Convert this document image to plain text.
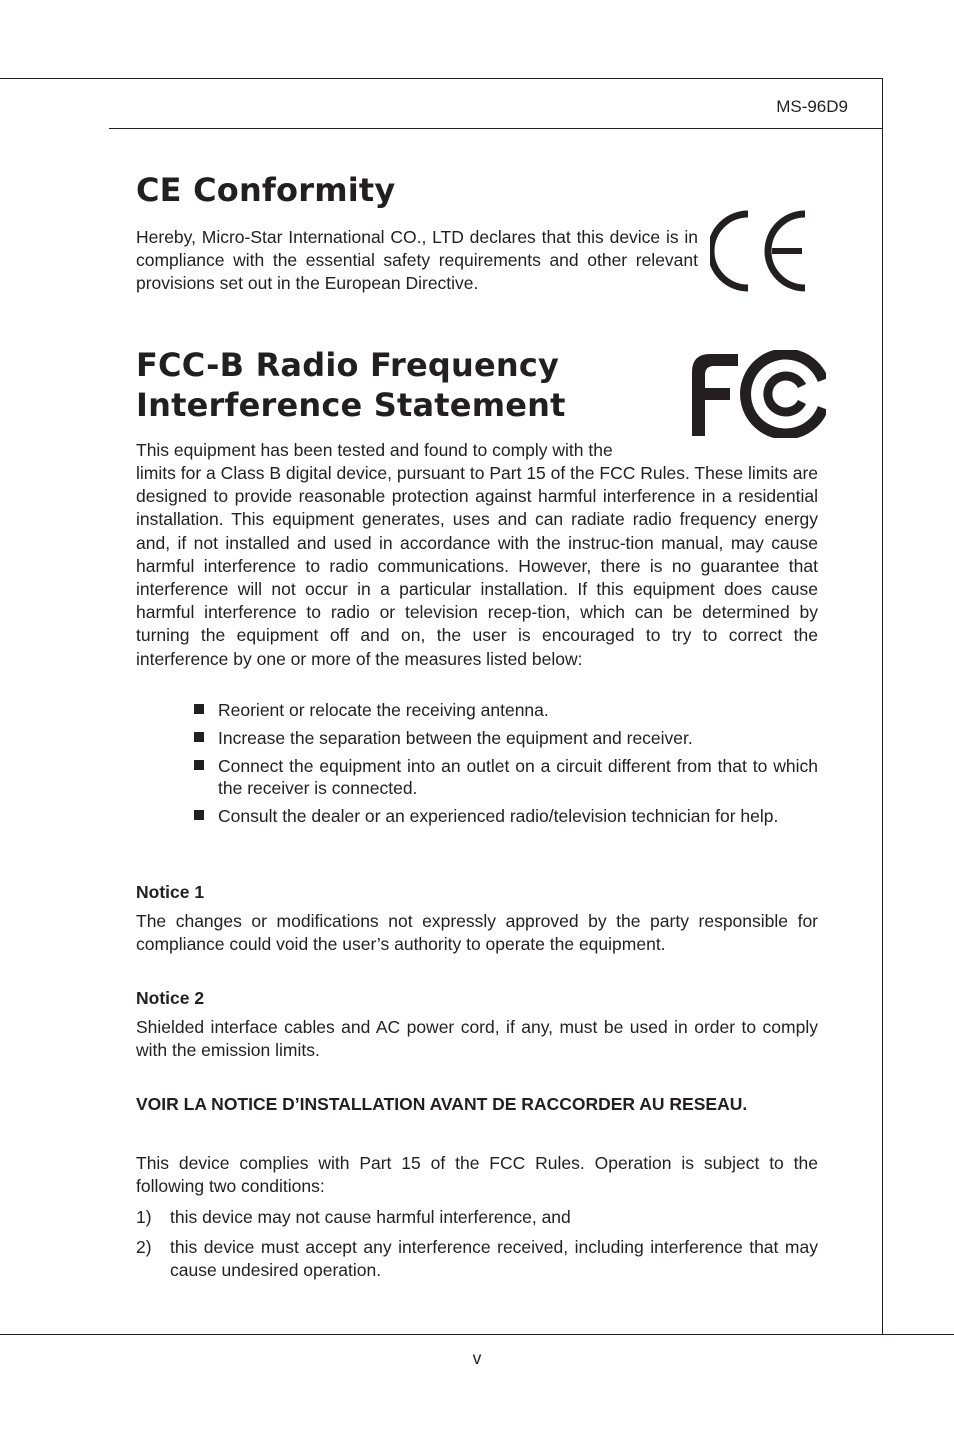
MS-96D9
CE Conformity

Hereby, Micro-Star International CO., LTD declares that this device is in compliance with the essential safety requirements and other relevant provisions set out in the European Directive.

FCC-B Radio Frequency
Interference Statement

This equipment has been tested and found to comply with the

limits for a Class B digital device, pursuant to Part 15 of the FCC Rules. These limits are designed to provide reasonable protection against harmful interference in a residential installation. This equipment generates, uses and can radiate radio frequency energy and, if not installed and used in accordance with the instruc-tion manual, may cause harmful interference to radio communications. However, there is no guarantee that interference will not occur in a particular installation. If this equipment does cause harmful interference to radio or television recep-tion, which can be determined by turning the equipment off and on, the user is encouraged to try to correct the interference by one or more of the measures listed below:

Reorient or relocate the receiving antenna.
Increase the separation between the equipment and receiver.
Connect the equipment into an outlet on a circuit different from that to which the receiver is connected.
Consult the dealer or an experienced radio/television technician for help.
Notice 1

The changes or modifications not expressly approved by the party responsible for compliance could void the user’s authority to operate the equipment.

Notice 2

Shielded interface cables and AC power cord, if any, must be used in order to comply with the emission limits.

VOIR LA NOTICE D’INSTALLATION AVANT DE RACCORDER AU RESEAU.

This device complies with Part 15 of the FCC Rules. Operation is subject to the following two conditions:

1) this device may not cause harmful interference, and
2) this device must accept any interference received, including interference that may cause undesired operation.
v
